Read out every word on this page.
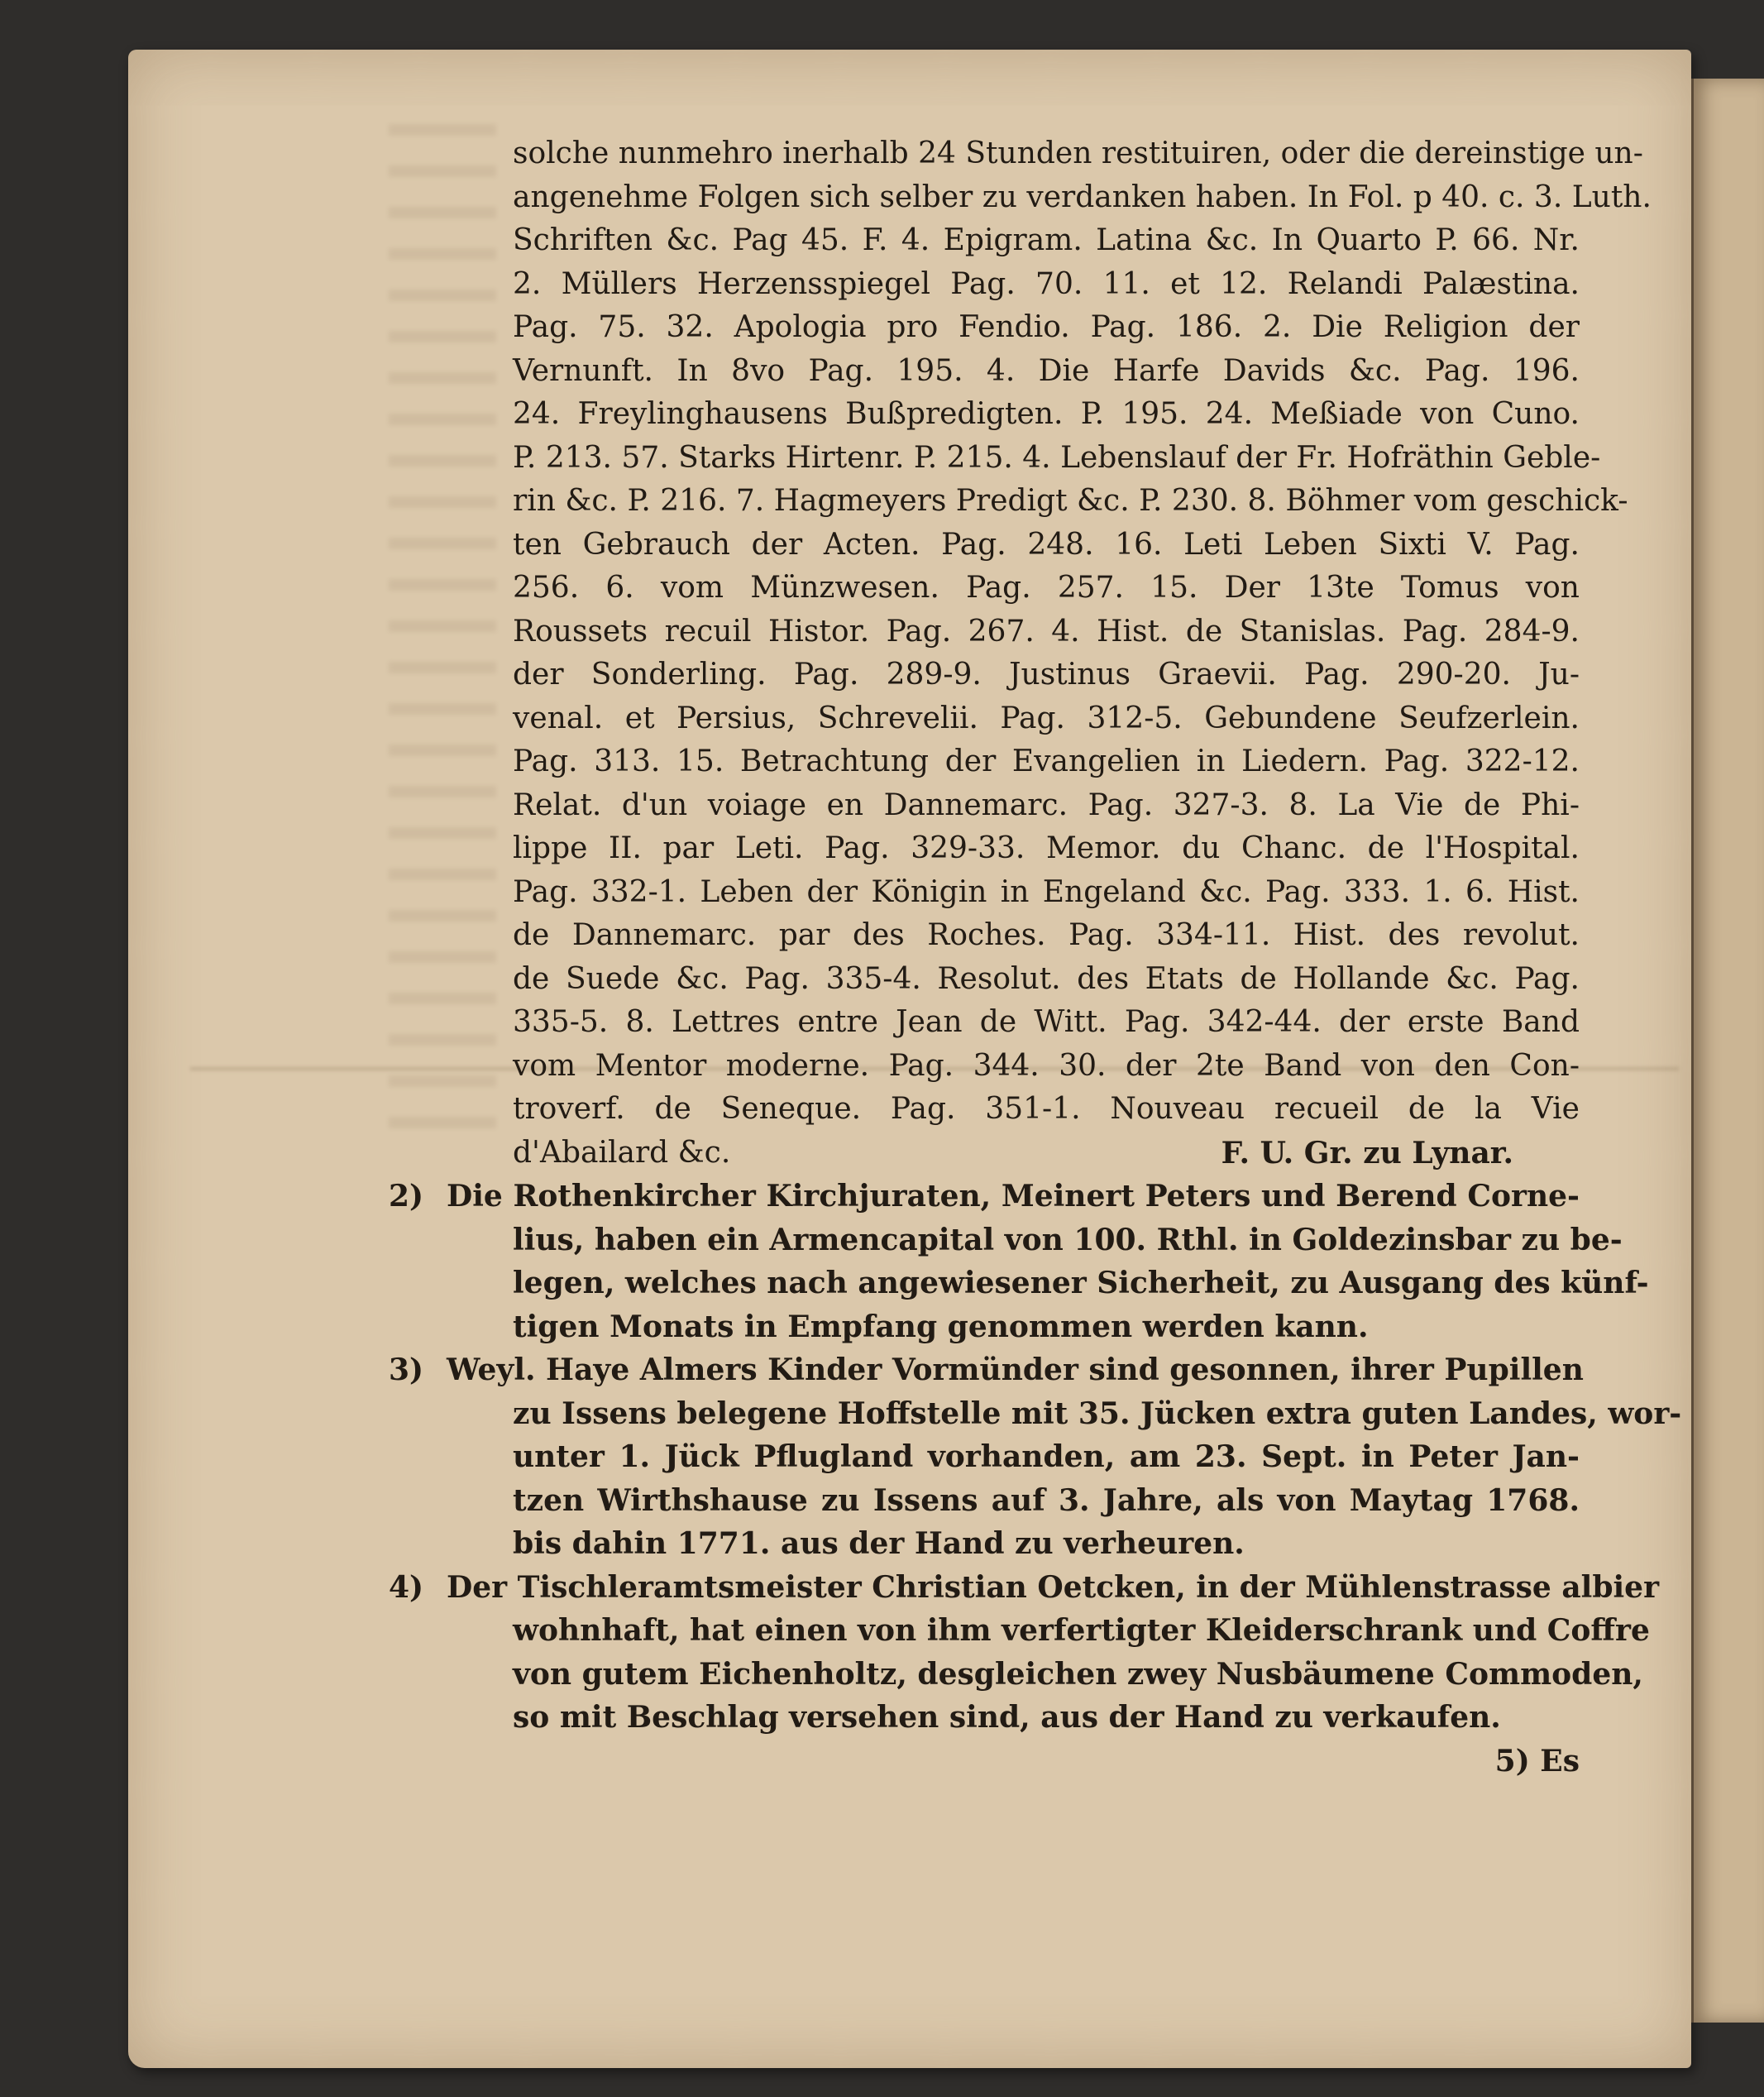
solche nunmehro inerhalb 24 Stunden restituiren, oder die dereinstige un-
angenehme Folgen sich selber zu verdanken haben. In Fol. p 40. c. 3. Luth.
Schriften &c. Pag 45. F. 4. Epigram. Latina &c. In Quarto P. 66. Nr.
2. Müllers Herzensspiegel Pag. 70. 11. et 12. Relandi Palæstina.
Pag. 75. 32. Apologia pro Fendio. Pag. 186. 2. Die Religion der
Vernunft. In 8vo Pag. 195. 4. Die Harfe Davids &c. Pag. 196.
24. Freylinghausens Bußpredigten. P. 195. 24. Meßiade von Cuno.
P. 213. 57. Starks Hirtenr. P. 215. 4. Lebenslauf der Fr. Hofräthin Geble-
rin &c. P. 216. 7. Hagmeyers Predigt &c. P. 230. 8. Böhmer vom geschick-
ten Gebrauch der Acten. Pag. 248. 16. Leti Leben Sixti V. Pag.
256. 6. vom Münzwesen. Pag. 257. 15. Der 13te Tomus von
Roussets recuil Histor. Pag. 267. 4. Hist. de Stanislas. Pag. 284-9.
der Sonderling. Pag. 289-9. Justinus Graevii. Pag. 290-20. Ju-
venal. et Persius, Schrevelii. Pag. 312-5. Gebundene Seufzerlein.
Pag. 313. 15. Betrachtung der Evangelien in Liedern. Pag. 322-12.
Relat. d'un voiage en Dannemarc. Pag. 327-3. 8. La Vie de Phi-
lippe II. par Leti. Pag. 329-33. Memor. du Chanc. de l'Hospital.
Pag. 332-1. Leben der Königin in Engeland &c. Pag. 333. 1. 6. Hist.
de Dannemarc. par des Roches. Pag. 334-11. Hist. des revolut.
de Suede &c. Pag. 335-4. Resolut. des Etats de Hollande &c. Pag.
335-5. 8. Lettres entre Jean de Witt. Pag. 342-44. der erste Band
vom Mentor moderne. Pag. 344. 30. der 2te Band von den Con-
troverf. de Seneque. Pag. 351-1. Nouveau recueil de la Vie
d'Abailard &c.	F. U. Gr. zu Lynar.
2) Die Rothenkircher Kirchjuraten, Meinert Peters und Berend Corne-
lius, haben ein Armencapital von 100. Rthl. in Goldezinsbar zu be-
legen, welches nach angewiesener Sicherheit, zu Ausgang des künf-
tigen Monats in Empfang genommen werden kann.
3) Weyl. Haye Almers Kinder Vormünder sind gesonnen, ihrer Pupillen
zu Issens belegene Hoffstelle mit 35. Jücken extra guten Landes, wor-
unter 1. Jück Pflugland vorhanden, am 23. Sept. in Peter Jan-
tzen Wirthshause zu Issens auf 3. Jahre, als von Maytag 1768.
bis dahin 1771. aus der Hand zu verheuren.
4) Der Tischleramtsmeister Christian Oetcken, in der Mühlenstrasse albier
wohnhaft, hat einen von ihm verfertigter Kleiderschrank und Coffre
von gutem Eichenholtz, desgleichen zwey Nusbäumene Commoden,
so mit Beschlag versehen sind, aus der Hand zu verkaufen.
5) Es
